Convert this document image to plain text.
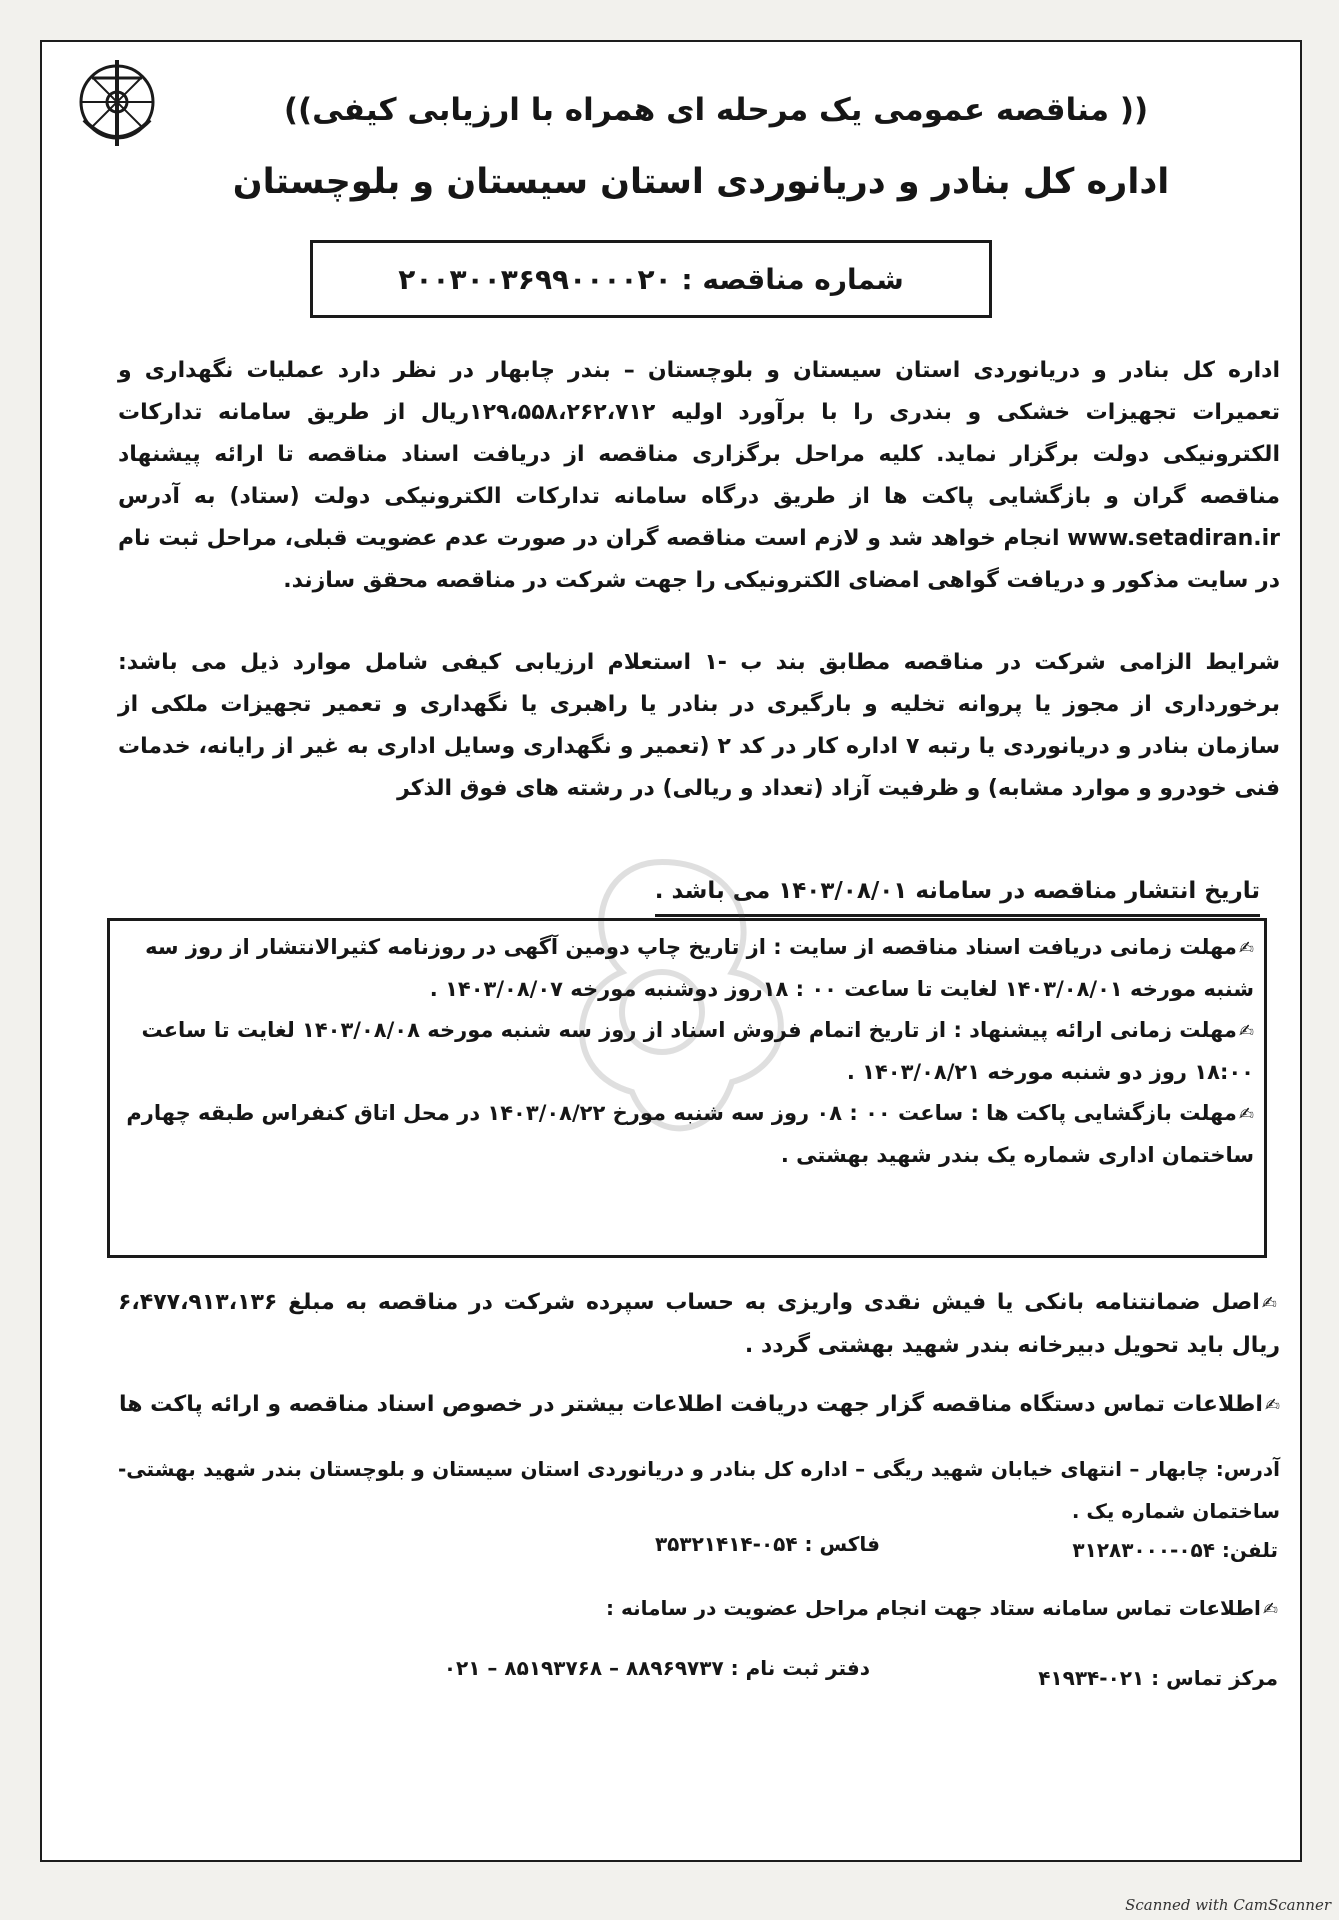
(( مناقصه عمومی یک مرحله ای همراه با ارزیابی کیفی))
اداره کل بنادر و دریانوردی استان سیستان و بلوچستان
شماره مناقصه : ۲۰۰۳۰۰۳۶۹۹۰۰۰۰۲۰
اداره کل بنادر و دریانوردی استان سیستان و بلوچستان – بندر چابهار در نظر دارد عملیات نگهداری و تعمیرات تجهیزات خشکی و بندری را با برآورد اولیه ۱۲۹،۵۵۸،۲۶۲،۷۱۲ریال از طریق سامانه تدارکات الکترونیکی دولت برگزار نماید. کلیه مراحل برگزاری مناقصه از دریافت اسناد مناقصه تا ارائه پیشنهاد مناقصه گران و بازگشایی پاکت ها از طریق درگاه سامانه تدارکات الکترونیکی دولت (ستاد) به آدرس www.setadiran.ir انجام خواهد شد و لازم است مناقصه گران در صورت عدم عضویت قبلی، مراحل ثبت نام در سایت مذکور و دریافت گواهی امضای الکترونیکی را جهت شرکت در مناقصه محقق سازند.
شرایط الزامی شرکت در مناقصه مطابق بند ب -۱ استعلام ارزیابی کیفی شامل موارد ذیل می باشد: برخورداری از مجوز یا پروانه تخلیه و بارگیری در بنادر یا راهبری یا نگهداری و تعمیر تجهیزات ملکی از سازمان بنادر و دریانوردی یا رتبه ۷ اداره کار در کد ۲ (تعمیر و نگهداری وسایل اداری به غیر از رایانه، خدمات فنی خودرو و موارد مشابه) و ظرفیت آزاد (تعداد و ریالی) در رشته های فوق الذکر
تاریخ انتشار مناقصه در سامانه ۱۴۰۳/۰۸/۰۱ می باشد .

✍مهلت زمانی دریافت اسناد مناقصه از سایت : از تاریخ چاپ دومین آگهی در روزنامه کثیرالانتشار از روز سه شنبه مورخه ۱۴۰۳/۰۸/۰۱ لغایت تا ساعت ۰۰ : ۱۸روز دوشنبه مورخه ۱۴۰۳/۰۸/۰۷ .

✍مهلت زمانی ارائه پیشنهاد : از تاریخ اتمام فروش اسناد از روز سه شنبه مورخه ۱۴۰۳/۰۸/۰۸ لغایت تا ساعت ۱۸:۰۰ روز دو شنبه مورخه ۱۴۰۳/۰۸/۲۱ .

✍مهلت بازگشایی پاکت ها : ساعت ۰۰ : ۰۸ روز سه شنبه مورخ ۱۴۰۳/۰۸/۲۲ در محل اتاق کنفراس طبقه چهارم ساختمان اداری شماره یک بندر شهید بهشتی .

✍اصل ضمانتنامه بانکی یا فیش نقدی واریزی به حساب سپرده شرکت در مناقصه به مبلغ ۶،۴۷۷،۹۱۳،۱۳۶ ریال باید تحویل دبیرخانه بندر شهید بهشتی گردد .
✍اطلاعات تماس دستگاه مناقصه گزار جهت دریافت اطلاعات بیشتر در خصوص اسناد مناقصه و ارائه پاکت ها
آدرس: چابهار – انتهای خیابان شهید ریگی – اداره کل بنادر و دریانوردی استان سیستان و بلوچستان بندر شهید بهشتی- ساختمان شماره یک .
تلفن: ۰۵۴-۳۱۲۸۳۰۰۰
فاکس : ۰۵۴-۳۵۳۲۱۴۱۴
✍اطلاعات تماس سامانه ستاد جهت انجام مراحل عضویت در سامانه :
مرکز تماس : ۰۲۱-۴۱۹۳۴
دفتر ثبت نام : ۸۸۹۶۹۷۳۷ – ۸۵۱۹۳۷۶۸ – ۰۲۱
Scanned with CamScanner
